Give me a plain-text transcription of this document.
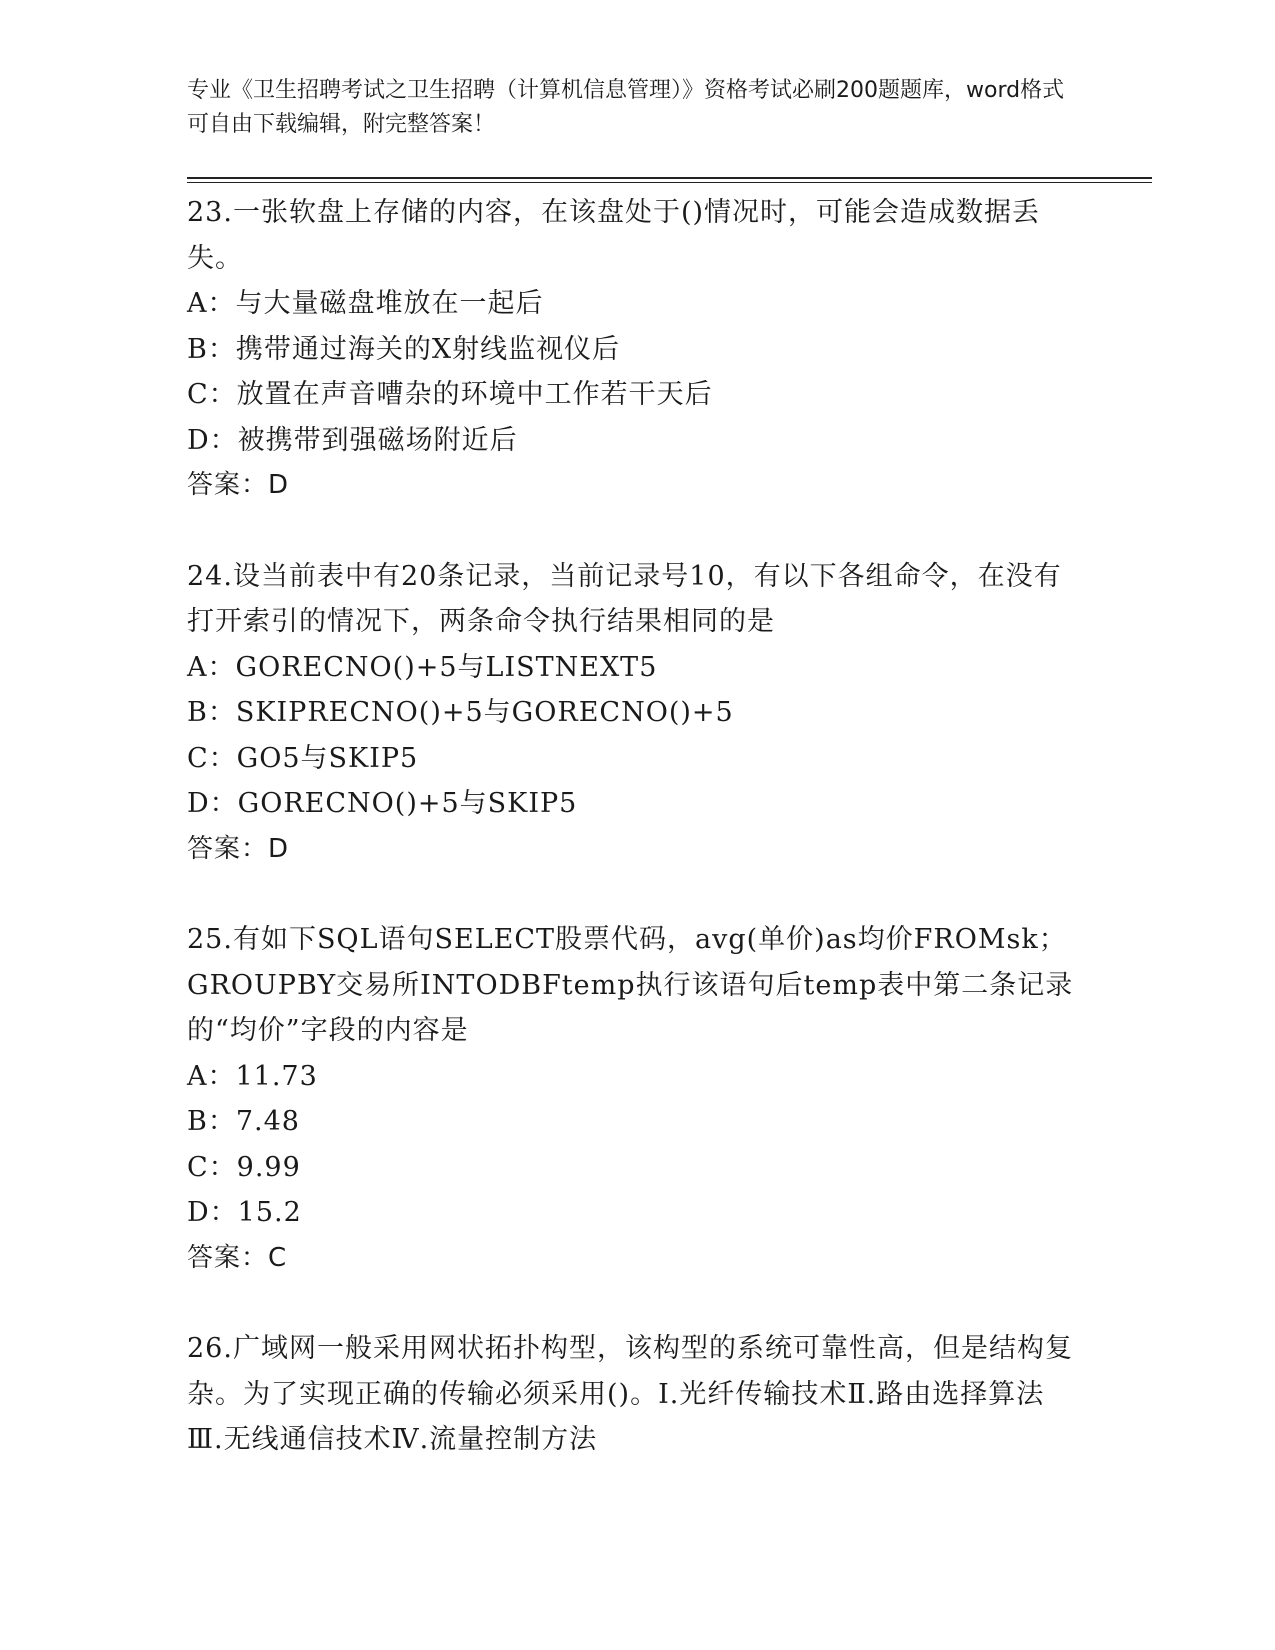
专业《卫生招聘考试之卫生招聘（计算机信息管理）》资格考试必刷200题题库，word格式可自由下载编辑，附完整答案！

23.一张软盘上存储的内容，在该盘处于()情况时，可能会造成数据丢失。

A：与大量磁盘堆放在一起后

B：携带通过海关的X射线监视仪后

C：放置在声音嘈杂的环境中工作若干天后

D：被携带到强磁场附近后

答案：D

24.设当前表中有20条记录，当前记录号10，有以下各组命令，在没有打开索引的情况下，两条命令执行结果相同的是

A：GORECNO()+5与LISTNEXT5

B：SKIPRECNO()+5与GORECNO()+5

C：GO5与SKIP5

D：GORECNO()+5与SKIP5

答案：D

25.有如下SQL语句SELECT股票代码，avg(单价)as均价FROMsk；GROUPBY交易所INTODBFtemp执行该语句后temp表中第二条记录的“均价”字段的内容是

A：11.73

B：7.48

C：9.99

D：15.2

答案：C

26.广域网一般采用网状拓扑构型，该构型的系统可靠性高，但是结构复杂。为了实现正确的传输必须采用()。Ⅰ.光纤传输技术Ⅱ.路由选择算法Ⅲ.无线通信技术Ⅳ.流量控制方法
